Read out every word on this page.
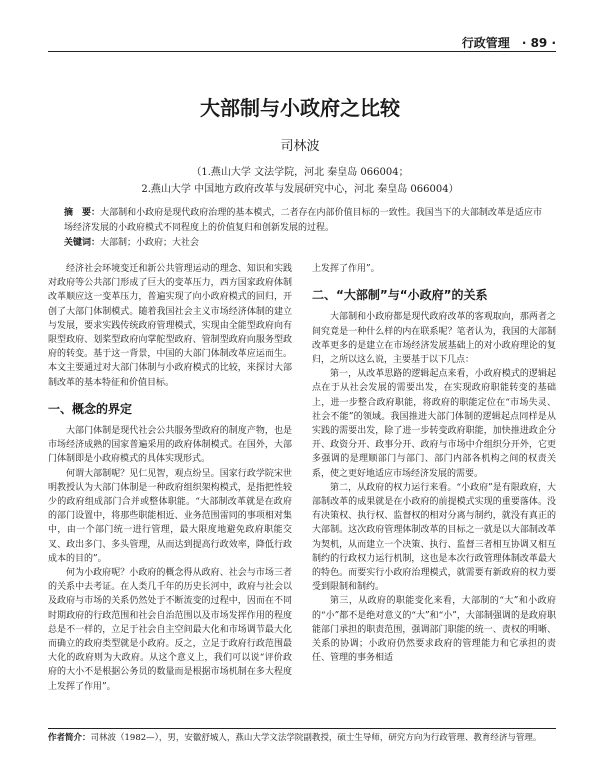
行政管理　 · 89 ·
大部制与小政府之比较
司林波
（1.燕山大学 文法学院，河北 秦皇岛 066004；
2.燕山大学 中国地方政府改革与发展研究中心，河北 秦皇岛 066004）
摘　要：大部制和小政府是现代政府治理的基本模式，二者存在内部价值目标的一致性。我国当下的大部制改革是适应市场经济发展的小政府模式不同程度上的价值复归和创新发展的过程。
关键词：大部制；小政府；大社会

经济社会环境变迁和新公共管理运动的理念、知识和实践对政府等公共部门形成了巨大的变革压力，西方国家政府体制改革顺应这一变革压力，普遍实现了向小政府模式的回归，开创了大部门体制模式。随着我国社会主义市场经济体制的建立与发展，要求实践传统政府管理模式，实现由全能型政府向有限型政府、划桨型政府向掌舵型政府、管制型政府向服务型政府的转变。基于这一背景，中国的大部门体制改革应运而生。本文主要通过对大部门体制与小政府模式的比较，来探讨大部制改革的基本特征和价值目标。

一、概念的界定

大部门体制是现代社会公共服务型政府的制度产物，也是市场经济成熟的国家普遍采用的政府体制模式。在国外，大部门体制即是小政府模式的具体实现形式。

何谓大部制呢？见仁见智，观点纷呈。国家行政学院宋世明教授认为大部门体制是一种政府组织架构模式，是指把性较少的政府组成部门合并或整体职能。“大部制改革就是在政府的部门设置中，将那些职能相近、业务范围雷同的事项相对集中，由一个部门统一进行管理，最大限度地避免政府职能交叉、政出多门、多头管理，从而达到提高行政效率，降低行政成本的目的”。

何为小政府呢？小政府的概念得从政府、社会与市场三者的关系中去考证。在人类几千年的历史长河中，政府与社会以及政府与市场的关系仍然处于不断流变的过程中，因而在不同时期政府的行政范围和社会自治范围以及市场发挥作用的程度总是不一样的，立足于社会自主空间最大化和市场调节最大化而确立的政府类型就是小政府。反之，立足于政府行政范围最大化的政府则为大政府。从这个意义上，我们可以说“评价政府的大小不是根据公务员的数量而是根据市场机制在多大程度上发挥了作用”。

上发挥了作用”。

二、“大部制”与“小政府”的关系

大部制和小政府都是现代政府改革的客观取向，那两者之间究竟是一种什么样的内在联系呢？笔者认为，我国的大部制改革更多的是建立在市场经济发展基础上的对小政府理论的复归，之所以这么说，主要基于以下几点：

第一，从改革思路的逻辑起点来看，小政府模式的逻辑起点在于从社会发展的需要出发，在实现政府职能转变的基础上，进一步整合政府职能，将政府的职能定位在“市场失灵、社会不能”的领域。我国推进大部门体制的逻辑起点同样是从实践的需要出发，除了进一步转变政府职能，加快推进政企分开、政资分开、政事分开、政府与市场中介组织分开外，它更多强调的是理顺部门与部门、部门内部各机构之间的权责关系，使之更好地适应市场经济发展的需要。

第二，从政府的权力运行来看。“小政府”是有限政府，大部制改革的成果就是在小政府的前提模式实现的重要落体。没有决策权、执行权、监督权的相对分离与制约，就没有真正的大部制。这次政府管理体制改革的目标之一就是以大部制改革为契机，从而建立一个决策、执行、监督三者相互协调又相互制约的行政权力运行机制，这也是本次行政管理体制改革最大的特色。而要实行小政府治理模式，就需要有新政府的权力要受到限制和制约。

第三，从政府的职能变化来看，大部制的“大”和小政府的“小”都不是绝对意义的“大”和“小”，大部制强调的是政府职能部门承担的职责范围，强调部门职能的统一、责权的明晰、关系的协调；小政府仍然要求政府的管理能力和它承担的责任、管理的事务相适

作者简介：司林波（1982—），男，安徽舒城人，燕山大学文法学院副教授，硕士生导师，研究方向为行政管理、教育经济与管理。
